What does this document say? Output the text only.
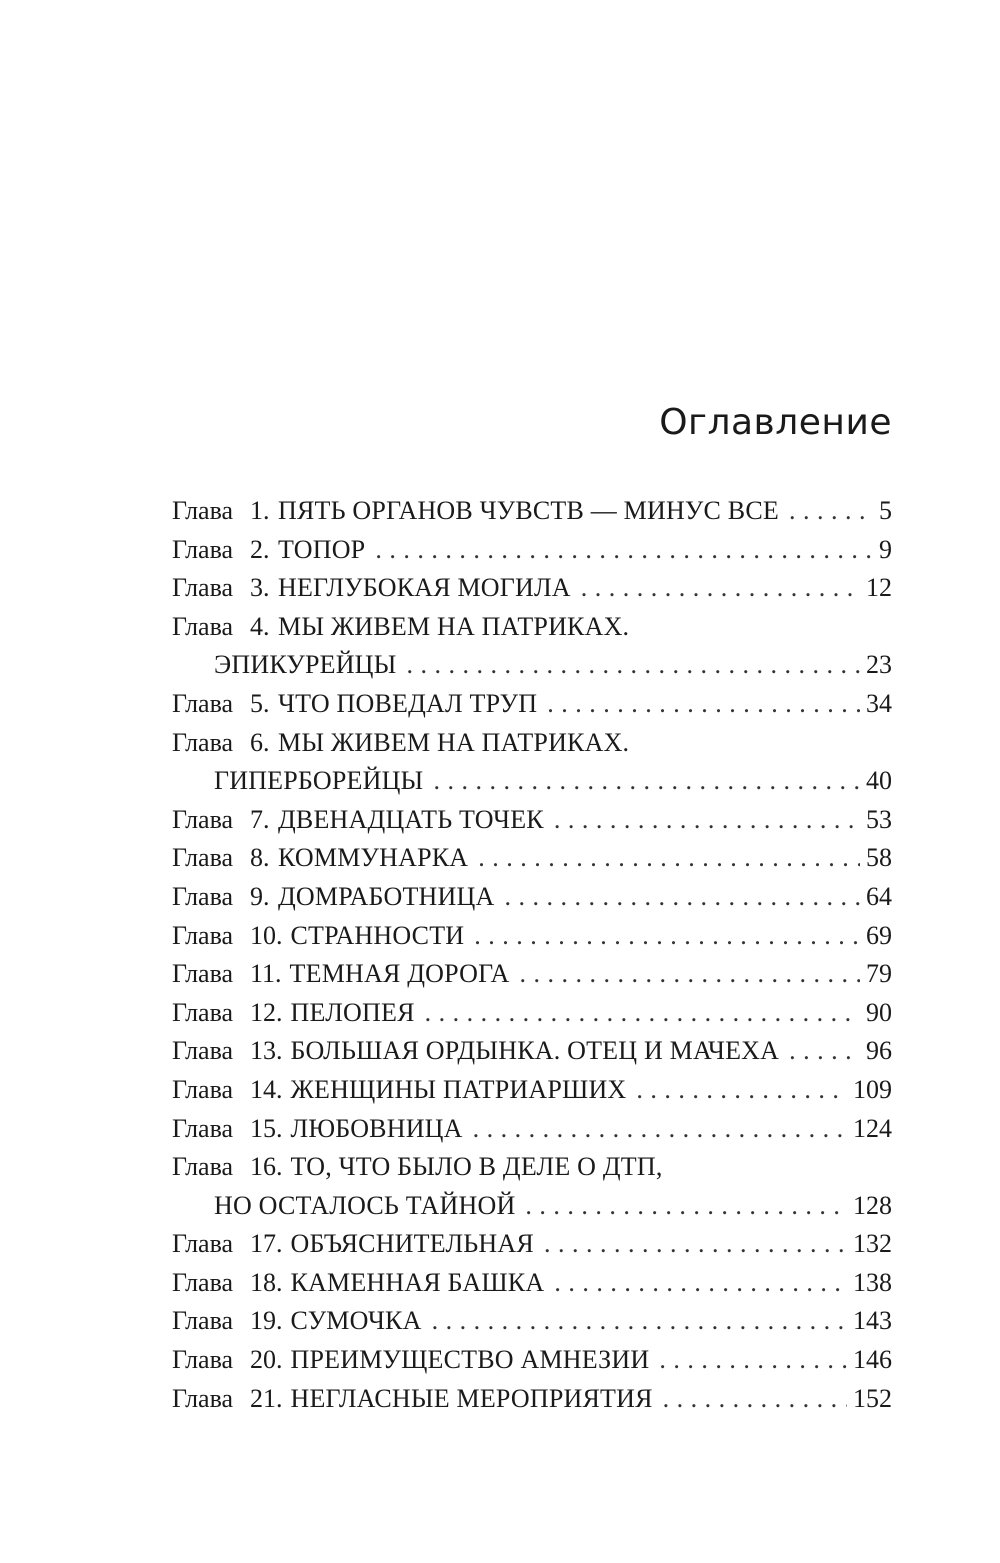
Оглавление
Глава 1. ПЯТЬ ОРГАНОВ ЧУВСТВ — МИНУС ВСЕ . . .	5
Глава 2. ТОПОР . . .	9
Глава 3. НЕГЛУБОКАЯ МОГИЛА . . .	12
Глава 4. МЫ ЖИВЕМ НА ПАТРИКАХ.
ЭПИКУРЕЙЦЫ . . .	23
Глава 5. ЧТО ПОВЕДАЛ ТРУП . . .	34
Глава 6. МЫ ЖИВЕМ НА ПАТРИКАХ.
ГИПЕРБОРЕЙЦЫ . . .	40
Глава 7. ДВЕНАДЦАТЬ ТОЧЕК . . .	53
Глава 8. КОММУНАРКА . . .	58
Глава 9. ДОМРАБОТНИЦА . . .	64
Глава 10. СТРАННОСТИ . . .	69
Глава 11. ТЕМНАЯ ДОРОГА . . .	79
Глава 12. ПЕЛОПЕЯ . . .	90
Глава 13. БОЛЬШАЯ ОРДЫНКА. ОТЕЦ И МАЧЕХА . . .	96
Глава 14. ЖЕНЩИНЫ ПАТРИАРШИХ . . .	109
Глава 15. ЛЮБОВНИЦА . . .	124
Глава 16. ТО, ЧТО БЫЛО В ДЕЛЕ О ДТП,
НО ОСТАЛОСЬ ТАЙНОЙ . . .	128
Глава 17. ОБЪЯСНИТЕЛЬНАЯ . . .	132
Глава 18. КАМЕННАЯ БАШКА . . .	138
Глава 19. СУМОЧКА . . .	143
Глава 20. ПРЕИМУЩЕСТВО АМНЕЗИИ . . .	146
Глава 21. НЕГЛАСНЫЕ МЕРОПРИЯТИЯ . . .	152
